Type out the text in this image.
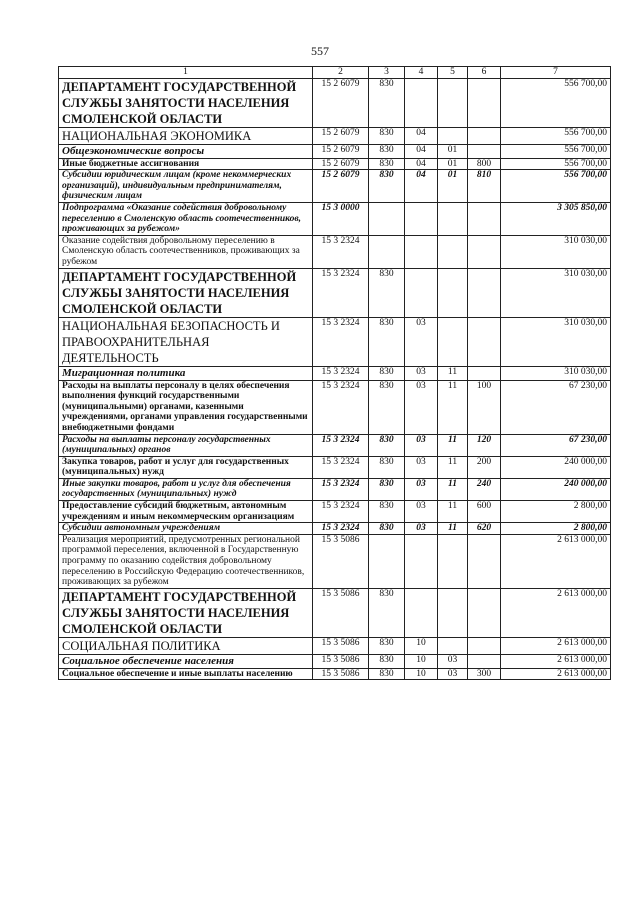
557
1	2	3	4	5	6	7
ДЕПАРТАМЕНТ ГОСУДАРСТВЕННОЙ СЛУЖБЫ ЗАНЯТОСТИ НАСЕЛЕНИЯ СМОЛЕНСКОЙ ОБЛАСТИ	15 2 6079	830				556 700,00
НАЦИОНАЛЬНАЯ ЭКОНОМИКА	15 2 6079	830	04			556 700,00
Общеэкономические вопросы	15 2 6079	830	04	01		556 700,00
Иные бюджетные ассигнования	15 2 6079	830	04	01	800	556 700,00
Субсидии юридическим лицам (кроме некоммерческих организаций), индивидуальным предпринимателям, физическим лицам	15 2 6079	830	04	01	810	556 700,00
Подпрограмма «Оказание содействия добровольному переселению в Смоленскую область соотечественников, проживающих за рубежом»	15 3 0000					3 305 850,00
Оказание содействия добровольному переселению в Смоленскую область соотечественников, проживающих за рубежом	15 3 2324					310 030,00
ДЕПАРТАМЕНТ ГОСУДАРСТВЕННОЙ СЛУЖБЫ ЗАНЯТОСТИ НАСЕЛЕНИЯ СМОЛЕНСКОЙ ОБЛАСТИ	15 3 2324	830				310 030,00
НАЦИОНАЛЬНАЯ БЕЗОПАСНОСТЬ И ПРАВООХРАНИТЕЛЬНАЯ ДЕЯТЕЛЬНОСТЬ	15 3 2324	830	03			310 030,00
Миграционная политика	15 3 2324	830	03	11		310 030,00
Расходы на выплаты персоналу в целях обеспечения выполнения функций государственными (муниципальными) органами, казенными учреждениями, органами управления государственными внебюджетными фондами	15 3 2324	830	03	11	100	67 230,00
Расходы на выплаты персоналу государственных (муниципальных) органов	15 3 2324	830	03	11	120	67 230,00
Закупка товаров, работ и услуг для государственных (муниципальных) нужд	15 3 2324	830	03	11	200	240 000,00
Иные закупки товаров, работ и услуг для обеспечения государственных (муниципальных) нужд	15 3 2324	830	03	11	240	240 000,00
Предоставление субсидий бюджетным, автономным учреждениям и иным некоммерческим организациям	15 3 2324	830	03	11	600	2 800,00
Субсидии автономным учреждениям	15 3 2324	830	03	11	620	2 800,00
Реализация мероприятий, предусмотренных региональной программой переселения, включенной в Государственную программу по оказанию содействия добровольному переселению в Российскую Федерацию соотечественников, проживающих за рубежом	15 3 5086					2 613 000,00
ДЕПАРТАМЕНТ ГОСУДАРСТВЕННОЙ СЛУЖБЫ ЗАНЯТОСТИ НАСЕЛЕНИЯ СМОЛЕНСКОЙ ОБЛАСТИ	15 3 5086	830				2 613 000,00
СОЦИАЛЬНАЯ ПОЛИТИКА	15 3 5086	830	10			2 613 000,00
Социальное обеспечение населения	15 3 5086	830	10	03		2 613 000,00
Социальное обеспечение и иные выплаты населению	15 3 5086	830	10	03	300	2 613 000,00
